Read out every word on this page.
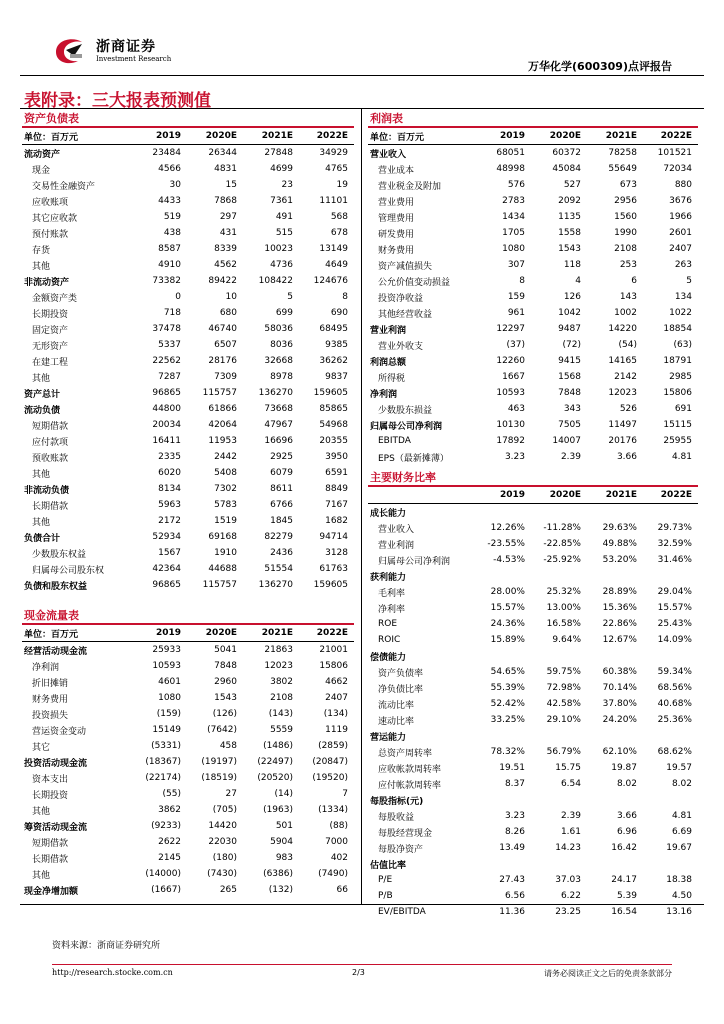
浙商证券
Investment Research
万华化学(600309)点评报告
表附录：三大报表预测值
资产负债表				
单位：百万元	2019	2020E	2021E	2022E
流动资产	23484	26344	27848	34929
现金	4566	4831	4699	4765
交易性金融资产	30	15	23	19
应收账项	4433	7868	7361	11101
其它应收款	519	297	491	568
预付账款	438	431	515	678
存货	8587	8339	10023	13149
其他	4910	4562	4736	4649
非流动资产	73382	89422	108422	124676
金额资产类	0	10	5	8
长期投资	718	680	699	690
固定资产	37478	46740	58036	68495
无形资产	5337	6507	8036	9385
在建工程	22562	28176	32668	36262
其他	7287	7309	8978	9837
资产总计	96865	115757	136270	159605
流动负债	44800	61866	73668	85865
短期借款	20034	42064	47967	54968
应付款项	16411	11953	16696	20355
预收账款	2335	2442	2925	3950
其他	6020	5408	6079	6591
非流动负债	8134	7302	8611	8849
长期借款	5963	5783	6766	7167
其他	2172	1519	1845	1682
负债合计	52934	69168	82279	94714
少数股东权益	1567	1910	2436	3128
归属母公司股东权	42364	44688	51554	61763
负债和股东权益	96865	115757	136270	159605
现金流量表				
单位：百万元	2019	2020E	2021E	2022E
经营活动现金流	25933	5041	21863	21001
净利润	10593	7848	12023	15806
折旧摊销	4601	2960	3802	4662
财务费用	1080	1543	2108	2407
投资损失	(159)	(126)	(143)	(134)
营运资金变动	15149	(7642)	5559	1119
其它	(5331)	458	(1486)	(2859)
投资活动现金流	(18367)	(19197)	(22497)	(20847)
资本支出	(22174)	(18519)	(20520)	(19520)
长期投资	(55)	27	(14)	7
其他	3862	(705)	(1963)	(1334)
筹资活动现金流	(9233)	14420	501	(88)
短期借款	2622	22030	5904	7000
长期借款	2145	(180)	983	402
其他	(14000)	(7430)	(6386)	(7490)
现金净增加额	(1667)	265	(132)	66
利润表				
单位：百万元	2019	2020E	2021E	2022E
营业收入	68051	60372	78258	101521
营业成本	48998	45084	55649	72034
营业税金及附加	576	527	673	880
营业费用	2783	2092	2956	3676
管理费用	1434	1135	1560	1966
研发费用	1705	1558	1990	2601
财务费用	1080	1543	2108	2407
资产减值损失	307	118	253	263
公允价值变动损益	8	4	6	5
投资净收益	159	126	143	134
其他经营收益	961	1042	1002	1022
营业利润	12297	9487	14220	18854
营业外收支	(37)	(72)	(54)	(63)
利润总额	12260	9415	14165	18791
所得税	1667	1568	2142	2985
净利润	10593	7848	12023	15806
少数股东损益	463	343	526	691
归属母公司净利润	10130	7505	11497	15115
EBITDA	17892	14007	20176	25955
EPS（最新摊薄）	3.23	2.39	3.66	4.81
主要财务比率				
	2019	2020E	2021E	2022E
成长能力				
营业收入	12.26%	-11.28%	29.63%	29.73%
营业利润	-23.55%	-22.85%	49.88%	32.59%
归属母公司净利润	-4.53%	-25.92%	53.20%	31.46%
获利能力				
毛利率	28.00%	25.32%	28.89%	29.04%
净利率	15.57%	13.00%	15.36%	15.57%
ROE	24.36%	16.58%	22.86%	25.43%
ROIC	15.89%	9.64%	12.67%	14.09%
偿债能力				
资产负债率	54.65%	59.75%	60.38%	59.34%
净负债比率	55.39%	72.98%	70.14%	68.56%
流动比率	52.42%	42.58%	37.80%	40.68%
速动比率	33.25%	29.10%	24.20%	25.36%
营运能力				
总资产周转率	78.32%	56.79%	62.10%	68.62%
应收帐款周转率	19.51	15.75	19.87	19.57
应付帐款周转率	8.37	6.54	8.02	8.02
每股指标(元)				
每股收益	3.23	2.39	3.66	4.81
每股经营现金	8.26	1.61	6.96	6.69
每股净资产	13.49	14.23	16.42	19.67
估值比率				
P/E	27.43	37.03	24.17	18.38
P/B	6.56	6.22	5.39	4.50
EV/EBITDA	11.36	23.25	16.54	13.16
资料来源：浙商证券研究所
http://research.stocke.com.cn	2/3	请务必阅读正文之后的免责条款部分
